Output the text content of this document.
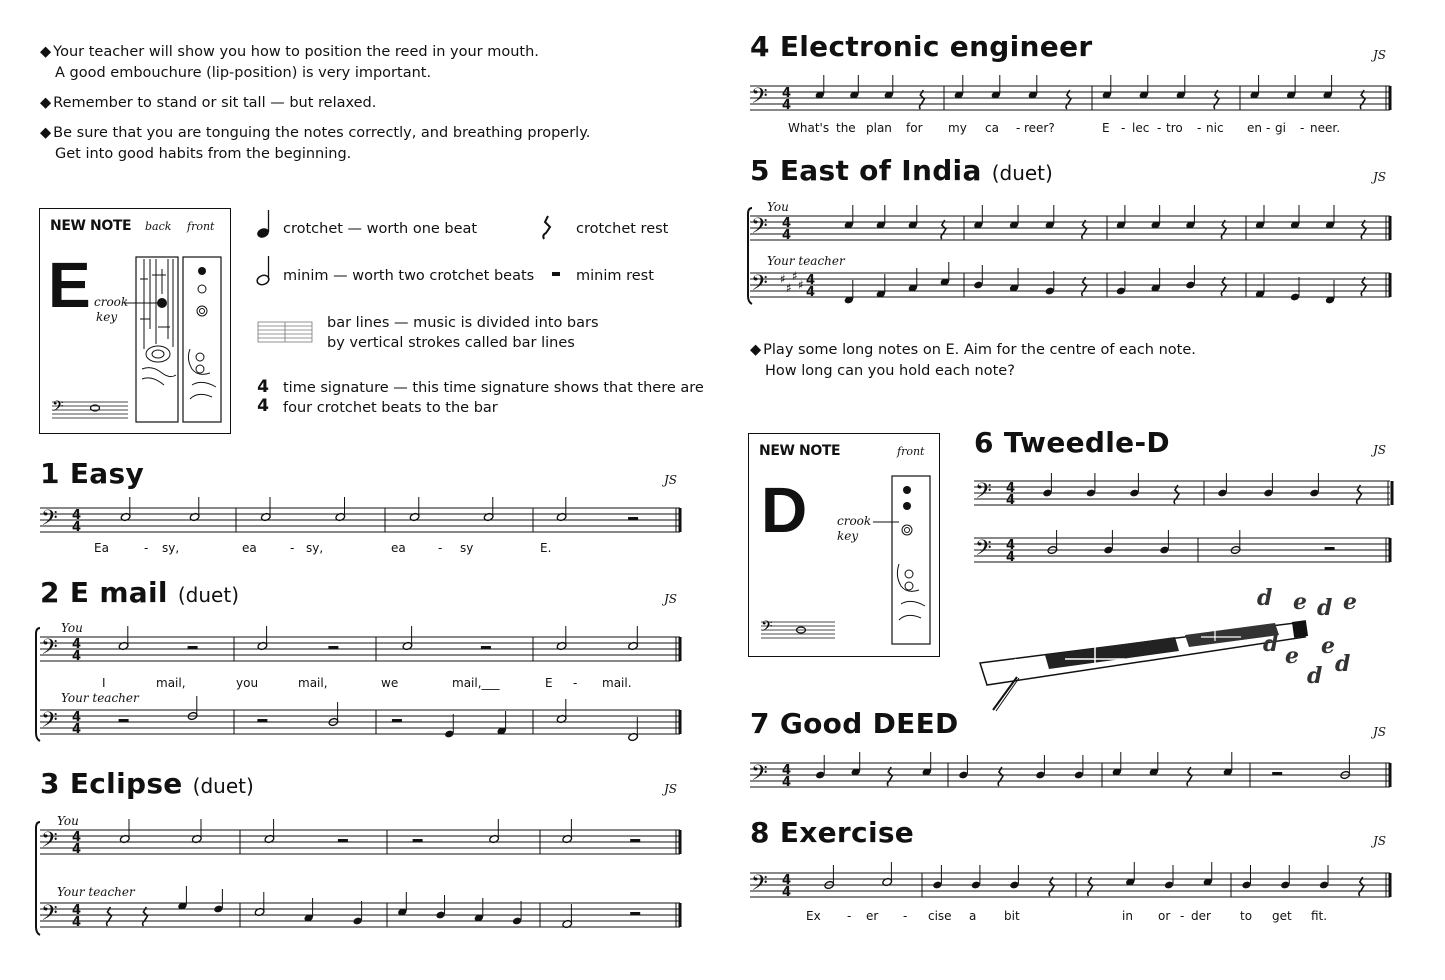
◆ Your teacher will show you how to position the reed in your mouth.
A good embouchure (lip-position) is very important.
◆ Remember to stand or sit tall — but relaxed.
◆ Be sure that you are tonguing the notes correctly, and breathing properly.
Get into good habits from the beginning.
NEW NOTE back front
E crook
key
𝄢
4
4
crotchet — worth one beat	crotchet rest
minim — worth two crotchet beats	minim rest
bar lines — music is divided into bars
by vertical strokes called bar lines
time signature — this time signature shows that there are
four crotchet beats to the bar
1 Easy	JS
2 E mail (duet)	JS
3 Eclipse (duet)	JS
4 Electronic engineer	JS
5 East of India (duet)	JS
6 Tweedle-D	JS
7 Good DEED	JS
8 Exercise	JS
You
Your teacher
You
Your teacher
You
Your teacher
◆ Play some long notes on E. Aim for the centre of each note.
How long can you hold each note?
NEW NOTE	front
D crook
key
𝄢
d e d e
d e
d
e
d
𝄢 4
4
𝄢 4
4
𝄢 4
4
𝄢 4
4
𝄢 4
4
𝄢 4
4
𝄢 4
4
𝄢 ♯
♯
♯
♯ 4
4
𝄢 4
4
𝄢 4
4
𝄢 4
4
𝄢 4
4
Ea	- sy,	ea	- sy,	ea	- sy	E.
I	mail,	you	mail,	we	mail,___	E - mail.
What's the plan for my ca - reer?	E - lec - tro - nic en - gi - neer.
Ex - er - cise a bit	in or - der to get fit.
